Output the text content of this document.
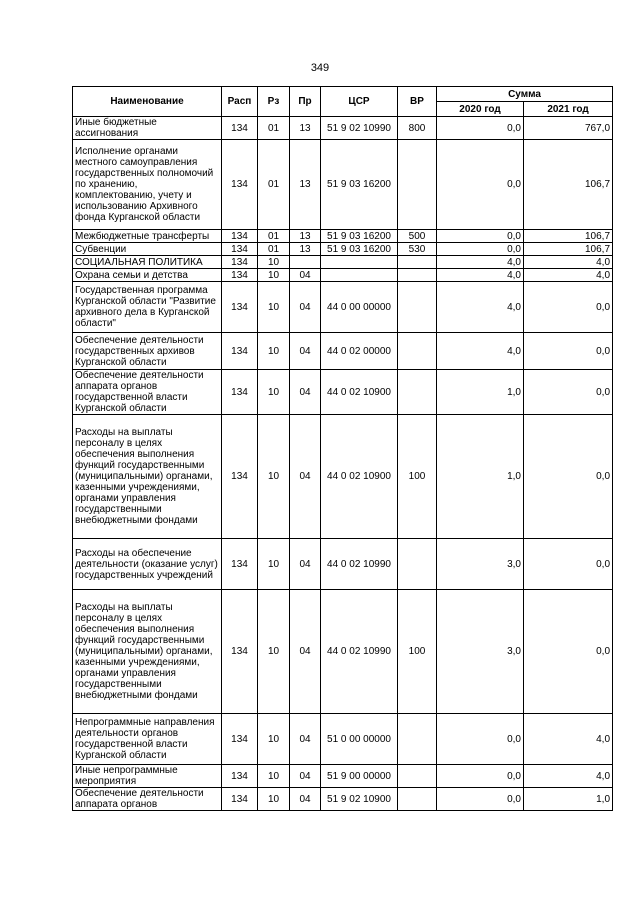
349
Наименование	Расп	Рз	Пр	ЦСР	ВР	Сумма	
						2020 год	2021 год
Иные бюджетные ассигнования	134	01	13	51 9 02 10990	800	0,0	767,0
Исполнение органами местного самоуправления государственных полномочий по хранению, комплектованию, учету и использованию Архивного фонда Курганской области	134	01	13	51 9 03 16200		0,0	106,7
Межбюджетные трансферты	134	01	13	51 9 03 16200	500	0,0	106,7
Субвенции	134	01	13	51 9 03 16200	530	0,0	106,7
СОЦИАЛЬНАЯ ПОЛИТИКА	134	10				4,0	4,0
Охрана семьи и детства	134	10	04			4,0	4,0
Государственная программа Курганской области "Развитие архивного дела в Курганской области"	134	10	04	44 0 00 00000		4,0	0,0
Обеспечение деятельности государственных архивов Курганской области	134	10	04	44 0 02 00000		4,0	0,0
Обеспечение деятельности аппарата органов государственной власти Курганской области	134	10	04	44 0 02 10900		1,0	0,0
Расходы на выплаты персоналу в целях обеспечения выполнения функций государственными (муниципальными) органами, казенными учреждениями, органами управления государственными внебюджетными фондами	134	10	04	44 0 02 10900	100	1,0	0,0
Расходы на обеспечение деятельности (оказание услуг) государственных учреждений	134	10	04	44 0 02 10990		3,0	0,0
Расходы на выплаты персоналу в целях обеспечения выполнения функций государственными (муниципальными) органами, казенными учреждениями, органами управления государственными внебюджетными фондами	134	10	04	44 0 02 10990	100	3,0	0,0
Непрограммные направления деятельности органов государственной власти Курганской области	134	10	04	51 0 00 00000		0,0	4,0
Иные непрограммные мероприятия	134	10	04	51 9 00 00000		0,0	4,0
Обеспечение деятельности аппарата органов	134	10	04	51 9 02 10900		0,0	1,0
